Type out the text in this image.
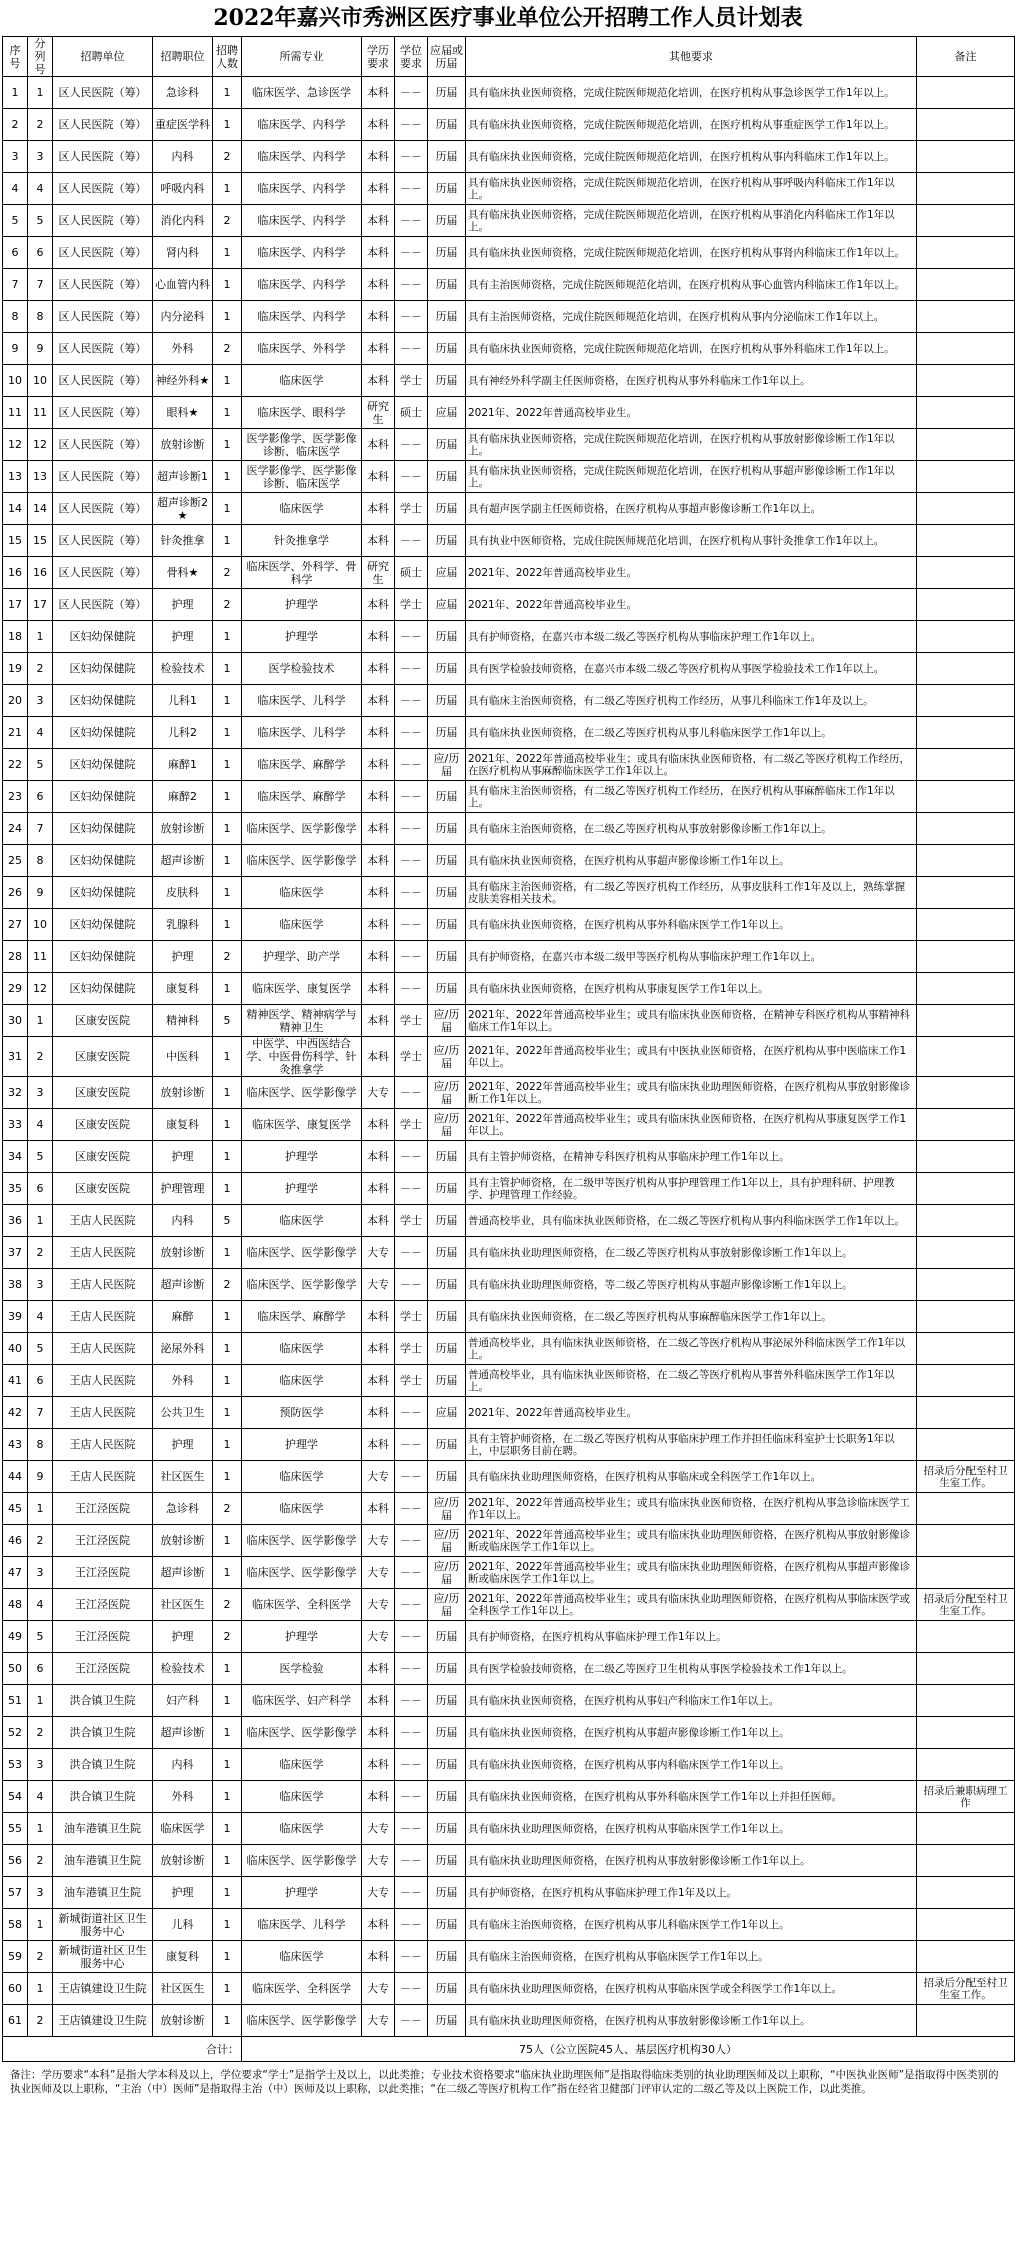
2022年嘉兴市秀洲区医疗事业单位公开招聘工作人员计划表
序号	分列号	招聘单位	招聘职位	招聘人数	所需专业	学历要求	学位要求	应届或历届	其他要求	备注
1	1	区人民医院（筹）	急诊科	1	临床医学、急诊医学	本科	－－	历届	具有临床执业医师资格，完成住院医师规范化培训，在医疗机构从事急诊医学工作1年以上。	
2	2	区人民医院（筹）	重症医学科	1	临床医学、内科学	本科	－－	历届	具有临床执业医师资格，完成住院医师规范化培训，在医疗机构从事重症医学工作1年以上。	
3	3	区人民医院（筹）	内科	2	临床医学、内科学	本科	－－	历届	具有临床执业医师资格，完成住院医师规范化培训，在医疗机构从事内科临床工作1年以上。	
4	4	区人民医院（筹）	呼吸内科	1	临床医学、内科学	本科	－－	历届	具有临床执业医师资格，完成住院医师规范化培训，在医疗机构从事呼吸内科临床工作1年以上。	
5	5	区人民医院（筹）	消化内科	2	临床医学、内科学	本科	－－	历届	具有临床执业医师资格，完成住院医师规范化培训，在医疗机构从事消化内科临床工作1年以上。	
6	6	区人民医院（筹）	肾内科	1	临床医学、内科学	本科	－－	历届	具有临床执业医师资格，完成住院医师规范化培训，在医疗机构从事肾内科临床工作1年以上。	
7	7	区人民医院（筹）	心血管内科	1	临床医学、内科学	本科	－－	历届	具有主治医师资格，完成住院医师规范化培训，在医疗机构从事心血管内科临床工作1年以上。	
8	8	区人民医院（筹）	内分泌科	1	临床医学、内科学	本科	－－	历届	具有主治医师资格，完成住院医师规范化培训，在医疗机构从事内分泌临床工作1年以上。	
9	9	区人民医院（筹）	外科	2	临床医学、外科学	本科	－－	历届	具有临床执业医师资格，完成住院医师规范化培训，在医疗机构从事外科临床工作1年以上。	
10	10	区人民医院（筹）	神经外科★	1	临床医学	本科	学士	历届	具有神经外科学副主任医师资格，在医疗机构从事外科临床工作1年以上。	
11	11	区人民医院（筹）	眼科★	1	临床医学、眼科学	研究生	硕士	应届	2021年、2022年普通高校毕业生。	
12	12	区人民医院（筹）	放射诊断	1	医学影像学、医学影像诊断、临床医学	本科	－－	历届	具有临床执业医师资格，完成住院医师规范化培训，在医疗机构从事放射影像诊断工作1年以上。	
13	13	区人民医院（筹）	超声诊断1	1	医学影像学、医学影像诊断、临床医学	本科	－－	历届	具有临床执业医师资格，完成住院医师规范化培训，在医疗机构从事超声影像诊断工作1年以上。	
14	14	区人民医院（筹）	超声诊断2★	1	临床医学	本科	学士	历届	具有超声医学副主任医师资格，在医疗机构从事超声影像诊断工作1年以上。	
15	15	区人民医院（筹）	针灸推拿	1	针灸推拿学	本科	－－	历届	具有执业中医师资格，完成住院医师规范化培训，在医疗机构从事针灸推拿工作1年以上。	
16	16	区人民医院（筹）	骨科★	2	临床医学、外科学、骨科学	研究生	硕士	应届	2021年、2022年普通高校毕业生。	
17	17	区人民医院（筹）	护理	2	护理学	本科	学士	应届	2021年、2022年普通高校毕业生。	
18	1	区妇幼保健院	护理	1	护理学	本科	－－	历届	具有护师资格，在嘉兴市本级二级乙等医疗机构从事临床护理工作1年以上。	
19	2	区妇幼保健院	检验技术	1	医学检验技术	本科	－－	历届	具有医学检验技师资格，在嘉兴市本级二级乙等医疗机构从事医学检验技术工作1年以上。	
20	3	区妇幼保健院	儿科1	1	临床医学、儿科学	本科	－－	历届	具有临床主治医师资格，有二级乙等医疗机构工作经历，从事儿科临床工作1年及以上。	
21	4	区妇幼保健院	儿科2	1	临床医学、儿科学	本科	－－	历届	具有临床执业医师资格，在二级乙等医疗机构从事儿科临床医学工作1年以上。	
22	5	区妇幼保健院	麻醉1	1	临床医学、麻醉学	本科	－－	应/历届	2021年、2022年普通高校毕业生；或具有临床执业医师资格，有二级乙等医疗机构工作经历，在医疗机构从事麻醉临床医学工作1年以上。	
23	6	区妇幼保健院	麻醉2	1	临床医学、麻醉学	本科	－－	历届	具有临床主治医师资格，有二级乙等医疗机构工作经历，在医疗机构从事麻醉临床工作1年以上。	
24	7	区妇幼保健院	放射诊断	1	临床医学、医学影像学	本科	－－	历届	具有临床主治医师资格，在二级乙等医疗机构从事放射影像诊断工作1年以上。	
25	8	区妇幼保健院	超声诊断	1	临床医学、医学影像学	本科	－－	历届	具有临床执业医师资格，在医疗机构从事超声影像诊断工作1年以上。	
26	9	区妇幼保健院	皮肤科	1	临床医学	本科	－－	历届	具有临床主治医师资格，有二级乙等医疗机构工作经历，从事皮肤科工作1年及以上，熟练掌握皮肤美容相关技术。	
27	10	区妇幼保健院	乳腺科	1	临床医学	本科	－－	历届	具有临床执业医师资格，在医疗机构从事外科临床医学工作1年以上。	
28	11	区妇幼保健院	护理	2	护理学、助产学	本科	－－	历届	具有护师资格，在嘉兴市本级二级甲等医疗机构从事临床护理工作1年以上。	
29	12	区妇幼保健院	康复科	1	临床医学、康复医学	本科	－－	历届	具有临床执业医师资格，在医疗机构从事康复医学工作1年以上。	
30	1	区康安医院	精神科	5	精神医学、精神病学与精神卫生	本科	学士	应/历届	2021年、2022年普通高校毕业生；或具有临床执业医师资格，在精神专科医疗机构从事精神科临床工作1年以上。	
31	2	区康安医院	中医科	1	中医学、中西医结合学、中医骨伤科学、针灸推拿学	本科	学士	应/历届	2021年、2022年普通高校毕业生；或具有中医执业医师资格，在医疗机构从事中医临床工作1年以上。	
32	3	区康安医院	放射诊断	1	临床医学、医学影像学	大专	－－	应/历届	2021年、2022年普通高校毕业生；或具有临床执业助理医师资格，在医疗机构从事放射影像诊断工作1年以上。	
33	4	区康安医院	康复科	1	临床医学、康复医学	本科	学士	应/历届	2021年、2022年普通高校毕业生；或具有临床执业医师资格，在医疗机构从事康复医学工作1年以上。	
34	5	区康安医院	护理	1	护理学	本科	－－	历届	具有主管护师资格，在精神专科医疗机构从事临床护理工作1年以上。	
35	6	区康安医院	护理管理	1	护理学	本科	－－	历届	具有主管护师资格，在二级甲等医疗机构从事护理管理工作1年以上，具有护理科研、护理教学、护理管理工作经验。	
36	1	王店人民医院	内科	5	临床医学	本科	学士	历届	普通高校毕业，具有临床执业医师资格，在二级乙等医疗机构从事内科临床医学工作1年以上。	
37	2	王店人民医院	放射诊断	1	临床医学、医学影像学	大专	－－	历届	具有临床执业助理医师资格，在二级乙等医疗机构从事放射影像诊断工作1年以上。	
38	3	王店人民医院	超声诊断	2	临床医学、医学影像学	大专	－－	历届	具有临床执业助理医师资格，等二级乙等医疗机构从事超声影像诊断工作1年以上。	
39	4	王店人民医院	麻醉	1	临床医学、麻醉学	本科	学士	历届	具有临床执业医师资格，在二级乙等医疗机构从事麻醉临床医学工作1年以上。	
40	5	王店人民医院	泌尿外科	1	临床医学	本科	学士	历届	普通高校毕业，具有临床执业医师资格，在二级乙等医疗机构从事泌尿外科临床医学工作1年以上。	
41	6	王店人民医院	外科	1	临床医学	本科	学士	历届	普通高校毕业，具有临床执业医师资格，在二级乙等医疗机构从事普外科临床医学工作1年以上。	
42	7	王店人民医院	公共卫生	1	预防医学	本科	－－	应届	2021年、2022年普通高校毕业生。	
43	8	王店人民医院	护理	1	护理学	本科	－－	历届	具有主管护师资格，在二级乙等医疗机构从事临床护理工作并担任临床科室护士长职务1年以上，中层职务目前在聘。	
44	9	王店人民医院	社区医生	1	临床医学	大专	－－	历届	具有临床执业助理医师资格，在医疗机构从事临床或全科医学工作1年以上。	招录后分配至村卫生室工作。
45	1	王江泾医院	急诊科	2	临床医学	本科	－－	应/历届	2021年、2022年普通高校毕业生；或具有临床执业医师资格，在医疗机构从事急诊临床医学工作1年以上。	
46	2	王江泾医院	放射诊断	1	临床医学、医学影像学	大专	－－	应/历届	2021年、2022年普通高校毕业生；或具有临床执业助理医师资格，在医疗机构从事放射影像诊断或临床医学工作1年以上。	
47	3	王江泾医院	超声诊断	1	临床医学、医学影像学	大专	－－	应/历届	2021年、2022年普通高校毕业生；或具有临床执业助理医师资格，在医疗机构从事超声影像诊断或临床医学工作1年以上。	
48	4	王江泾医院	社区医生	2	临床医学、全科医学	大专	－－	应/历届	2021年、2022年普通高校毕业生；或具有临床执业助理医师资格，在医疗机构从事临床医学或全科医学工作1年以上。	招录后分配至村卫生室工作。
49	5	王江泾医院	护理	2	护理学	大专	－－	历届	具有护师资格，在医疗机构从事临床护理工作1年以上。	
50	6	王江泾医院	检验技术	1	医学检验	本科	－－	历届	具有医学检验技师资格，在二级乙等医疗卫生机构从事医学检验技术工作1年以上。	
51	1	洪合镇卫生院	妇产科	1	临床医学、妇产科学	本科	－－	历届	具有临床执业医师资格，在医疗机构从事妇产科临床工作1年以上。	
52	2	洪合镇卫生院	超声诊断	1	临床医学、医学影像学	本科	－－	历届	具有临床执业医师资格，在医疗机构从事超声影像诊断工作1年以上。	
53	3	洪合镇卫生院	内科	1	临床医学	本科	－－	历届	具有临床执业医师资格，在医疗机构从事内科临床医学工作1年以上。	
54	4	洪合镇卫生院	外科	1	临床医学	本科	－－	历届	具有临床执业医师资格，在医疗机构从事外科临床医学工作1年以上并担任医师。	招录后兼职病理工作
55	1	油车港镇卫生院	临床医学	1	临床医学	大专	－－	历届	具有临床执业助理医师资格，在医疗机构从事临床医学工作1年以上。	
56	2	油车港镇卫生院	放射诊断	1	临床医学、医学影像学	大专	－－	历届	具有临床执业助理医师资格，在医疗机构从事放射影像诊断工作1年以上。	
57	3	油车港镇卫生院	护理	1	护理学	大专	－－	历届	具有护师资格，在医疗机构从事临床护理工作1年及以上。	
58	1	新城街道社区卫生服务中心	儿科	1	临床医学、儿科学	本科	－－	历届	具有临床主治医师资格，在医疗机构从事儿科临床医学工作1年以上。	
59	2	新城街道社区卫生服务中心	康复科	1	临床医学	本科	－－	历届	具有临床主治医师资格，在医疗机构从事临床医学工作1年以上。	
60	1	王店镇建设卫生院	社区医生	1	临床医学、全科医学	大专	－－	历届	具有临床执业助理医师资格，在医疗机构从事临床医学或全科医学工作1年以上。	招录后分配至村卫生室工作。
61	2	王店镇建设卫生院	放射诊断	1	临床医学、医学影像学	大专	－－	历届	具有临床执业助理医师资格，在医疗机构从事放射影像诊断工作1年以上。	
合计：					75人（公立医院45人、基层医疗机构30人）					
备注：学历要求“本科”是指大学本科及以上，学位要求“学士”是指学士及以上，以此类推；专业技术资格要求“临床执业助理医师”是指取得临床类别的执业助理医师及以上职称，“中医执业医师”是指取得中医类别的执业医师及以上职称，“主治（中）医师”是指取得主治（中）医师及以上职称，以此类推；“在二级乙等医疗机构工作”指在经省卫健部门评审认定的二级乙等及以上医院工作，以此类推。
